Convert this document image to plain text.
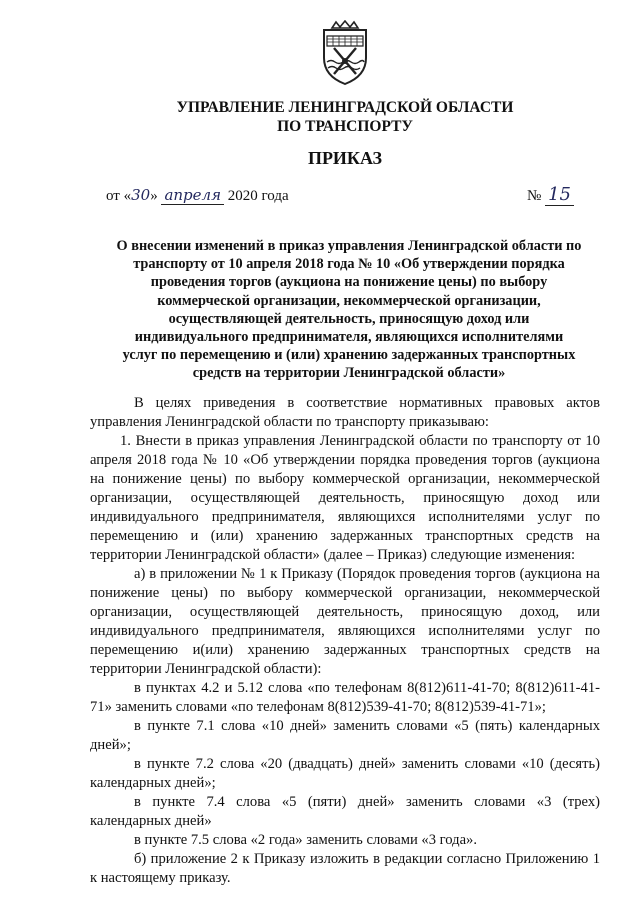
УПРАВЛЕНИЕ ЛЕНИНГРАДСКОЙ ОБЛАСТИ
ПО ТРАНСПОРТУ
ПРИКАЗ
от «30» апреля 2020 года	№ 15
О внесении изменений в приказ управления Ленинградской области по
транспорту от 10 апреля 2018 года № 10 «Об утверждении порядка
проведения торгов (аукциона на понижение цены) по выбору
коммерческой организации, некоммерческой организации,
осуществляющей деятельность, приносящую доход или
индивидуального предпринимателя, являющихся исполнителями
услуг по перемещению и (или) хранению задержанных транспортных
средств на территории Ленинградской области»

В целях приведения в соответствие нормативных правовых актов управления Ленинградской области по транспорту приказываю:

1. Внести в приказ управления Ленинградской области по транспорту от 10 апреля 2018 года № 10 «Об утверждении порядка проведения торгов (аукциона на понижение цены) по выбору коммерческой организации, некоммерческой организации, осуществляющей деятельность, приносящую доход или индивидуального предпринимателя, являющихся исполнителями услуг по перемещению и (или) хранению задержанных транспортных средств на территории Ленинградской области» (далее – Приказ) следующие изменения:

а) в приложении № 1 к Приказу (Порядок проведения торгов (аукциона на понижение цены) по выбору коммерческой организации, некоммерческой организации, осуществляющей деятельность, приносящую доход, или индивидуального предпринимателя, являющихся исполнителями услуг по перемещению и(или) хранению задержанных транспортных средств на территории Ленинградской области):

в пунктах 4.2 и 5.12 слова «по телефонам 8(812)611-41-70; 8(812)611-41-71» заменить словами «по телефонам 8(812)539-41-70; 8(812)539-41-71»;

в пункте 7.1 слова «10 дней» заменить словами «5 (пять) календарных дней»;

в пункте 7.2 слова «20 (двадцать) дней» заменить словами «10 (десять) календарных дней»;

в пункте 7.4 слова «5 (пяти) дней» заменить словами «3 (трех) календарных дней»

в пункте 7.5 слова «2 года» заменить словами «3 года».

б) приложение 2 к Приказу изложить в редакции согласно Приложению 1 к настоящему приказу.
